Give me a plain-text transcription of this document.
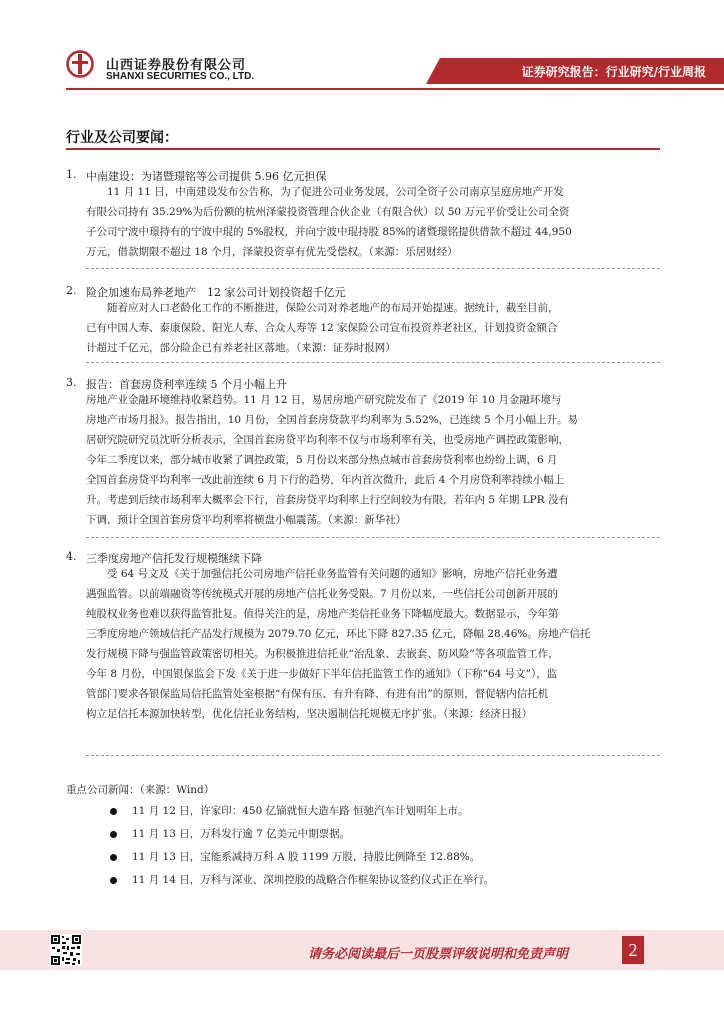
山西证券股份有限公司
SHANXI SECURITIES CO., LTD.	证券研究报告：行业研究/行业周报
行业及公司要闻：
1. 中南建设：为诸暨璟铭等公司提供 5.96 亿元担保
　　11 月 11 日，中南建设发布公告称，为了促进公司业务发展，公司全资子公司南京呈庭房地产开发
有限公司持有 35.29%为后份额的杭州泽蒙投资管理合伙企业（有限合伙）以 50 万元平价受让公司全资
子公司宁波中璟持有的宁波中琨的 5%股权，并向宁波中琨持股 85%的诸暨璟铭提供借款不超过 44,950
万元，借款期限不超过 18 个月，泽蒙投资享有优先受偿权。（来源：乐居财经）
2. 险企加速布局养老地产　12 家公司计划投资超千亿元
　　随着应对人口老龄化工作的不断推进，保险公司对养老地产的布局开始提速。据统计，截至目前，
已有中国人寿、泰康保险、阳光人寿、合众人寿等 12 家保险公司宣布投资养老社区，计划投资金额合
计超过千亿元，部分险企已有养老社区落地。（来源：证券时报网）
3. 报告：首套房贷利率连续 5 个月小幅上升
房地产业金融环境维持收紧趋势。11 月 12 日，易居房地产研究院发布了《2019 年 10 月金融环境与
房地产市场月报》。报告指出，10 月份，全国首套房贷款平均利率为 5.52%，已连续 5 个月小幅上升。易
居研究院研究员沈昕分析表示，全国首套房贷平均利率不仅与市场利率有关，也受房地产调控政策影响，
今年二季度以来，部分城市收紧了调控政策，5 月份以来部分热点城市首套房贷利率也纷纷上调，6 月
全国首套房贷平均利率一改此前连续 6 月下行的趋势，年内首次微升，此后 4 个月房贷利率持续小幅上
升。考虑到后续市场利率大概率会下行，首套房贷平均利率上行空间较为有限，若年内 5 年期 LPR 没有
下调，预计全国首套房贷平均利率将横盘小幅震荡。（来源：新华社）
4. 三季度房地产信托发行规模继续下降
　　受 64 号文及《关于加强信托公司房地产信托业务监管有关问题的通知》影响，房地产信托业务遭
遇强监管。以前端融资等传统模式开展的房地产信托业务受限。7 月份以来，一些信托公司创新开展的
纯股权业务也难以获得监管批复。值得关注的是，房地产类信托业务下降幅度最大。数据显示，今年第
三季度房地产领域信托产品发行规模为 2079.70 亿元，环比下降 827.35 亿元，降幅 28.46%。房地产信托
发行规模下降与强监管政策密切相关。为积极推进信托业“治乱象、去嵌套、防风险”等各项监管工作，
今年 8 月份，中国银保监会下发《关于进一步做好下半年信托监管工作的通知》（下称“64 号文”），监
管部门要求各银保监局信托监管处室根据“有保有压、有升有降、有进有出”的原则，督促辖内信托机
构立足信托本源加快转型，优化信托业务结构，坚决遏制信托规模无序扩张。（来源：经济日报）
重点公司新闻：（来源：Wind）
11 月 12 日，许家印：450 亿镝就恒大造车路 恒驰汽车计划明年上市。
11 月 13 日，万科发行逾 7 亿美元中期票据。
11 月 13 日，宝能系减持万科 A 股 1199 万股，持股比例降至 12.88%。
11 月 14 日，万科与深业、深圳控股的战略合作框架协议签约仪式正在举行。
请务必阅读最后一页股票评级说明和免责声明	2
